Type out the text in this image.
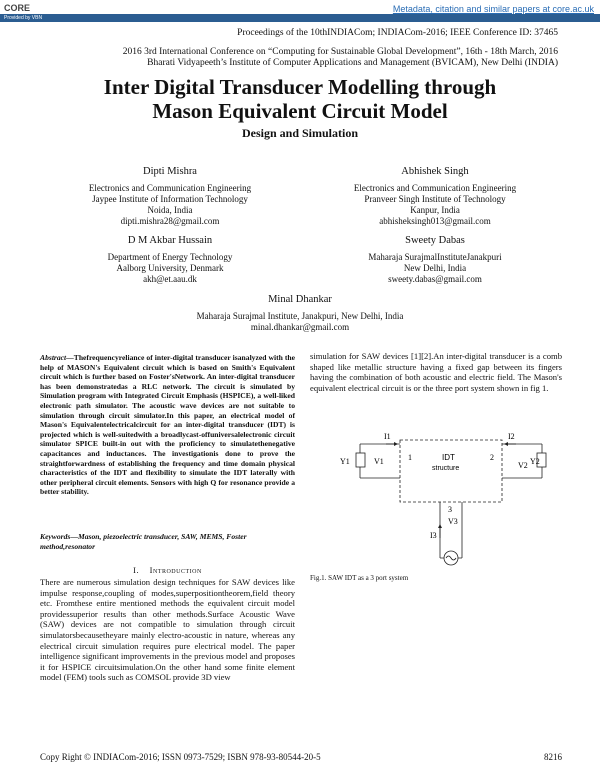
CORE	Metadata, citation and similar papers at core.ac.uk
Provided by VBN
Proceedings of the 10thINDIACom; INDIACom-2016; IEEE Conference ID: 37465
2016 3rd International Conference on “Computing for Sustainable Global Development”, 16th - 18th March, 2016
Bharati Vidyapeeth’s Institute of Computer Applications and Management (BVICAM), New Delhi (INDIA)
Inter Digital Transducer Modelling through
Mason Equivalent Circuit Model
Design and Simulation
Dipti Mishra
Electronics and Communication Engineering
Jaypee Institute of Information Technology
Noida, India
dipti.mishra28@gmail.com
Abhishek Singh
Electronics and Communication Engineering
Pranveer Singh Institute of Technology
Kanpur, India
abhisheksingh013@gmail.com
D M Akbar Hussain
Department of Energy Technology
Aalborg University, Denmark
akh@et.aau.dk
Sweety Dabas
Maharaja SurajmalInstituteJanakpuri
New Delhi, India
sweety.dabas@gmail.com
Minal Dhankar
Maharaja Surajmal Institute, Janakpuri, New Delhi, India
minal.dhankar@gmail.com
Abstract—Thefrequencyreliance of inter-digital transducer isanalyzed with the help of MASON's Equivalent circuit which is based on Smith's Equivalent circuit which is further based on Foster'sNetwork. An inter-digital transducer has been demonstratedas a RLC network. The circuit is simulated by Simulation program with Integrated Circuit Emphasis (HSPICE), a well-liked electronic path simulator. The acoustic wave devices are not suitable to simulation through circuit simulator.In this paper, an electrical model of Mason's Equivalentelectricalcircuit for an inter-digital transducer (IDT) is projected which is well-suitedwith a broadlycast-offuniversalelectronic circuit simulator SPICE built-in out with the proficiency to simulatethenegative capacitances and inductances. The investigationis done to prove the straightforwardness of establishing the frequency and time domain physical characteristics of the IDT and flexibility to simulate the IDT laterally with other peripheral circuit elements. Sensors with high Q for resonance provide a better stability.
Keywords—Mason, piezoelectric transducer, SAW, MEMS, Foster method,resonator
I. Introduction
There are numerous simulation design techniques for SAW devices like impulse response,coupling of modes,superpositiontheorem,field theory etc. Fromthese entire mentioned methods the equivalent circuit model providessuperior results than other methods.Surface Acoustic Wave (SAW) devices are not compatible to simulation through circuit simulatorsbecausetheyare mainly electro-acoustic in nature, whereas any electrical circuit simulation requires pure electrical model. The paper intelligence significant improvements in the previous model and proposes it for HSPICE circuitsimulation.On the other hand some finite element model (FEM) tools such as COMSOL provide 3D view
simulation for SAW devices [1][2].An inter-digital transducer is a comb shaped like metallic structure having a fixed gap between its fingers having the combination of both acoustic and electric field. The Mason's equivalent electrical circuit is or the three port system shown in fig 1.
I1	I2
I3
V1	V2
V3
Y1	Y2
1	2
3
IDT
structure
Fig.1. SAW IDT as a 3 port system
Copy Right © INDIACom-2016; ISSN 0973-7529; ISBN 978-93-80544-20-5	8216
